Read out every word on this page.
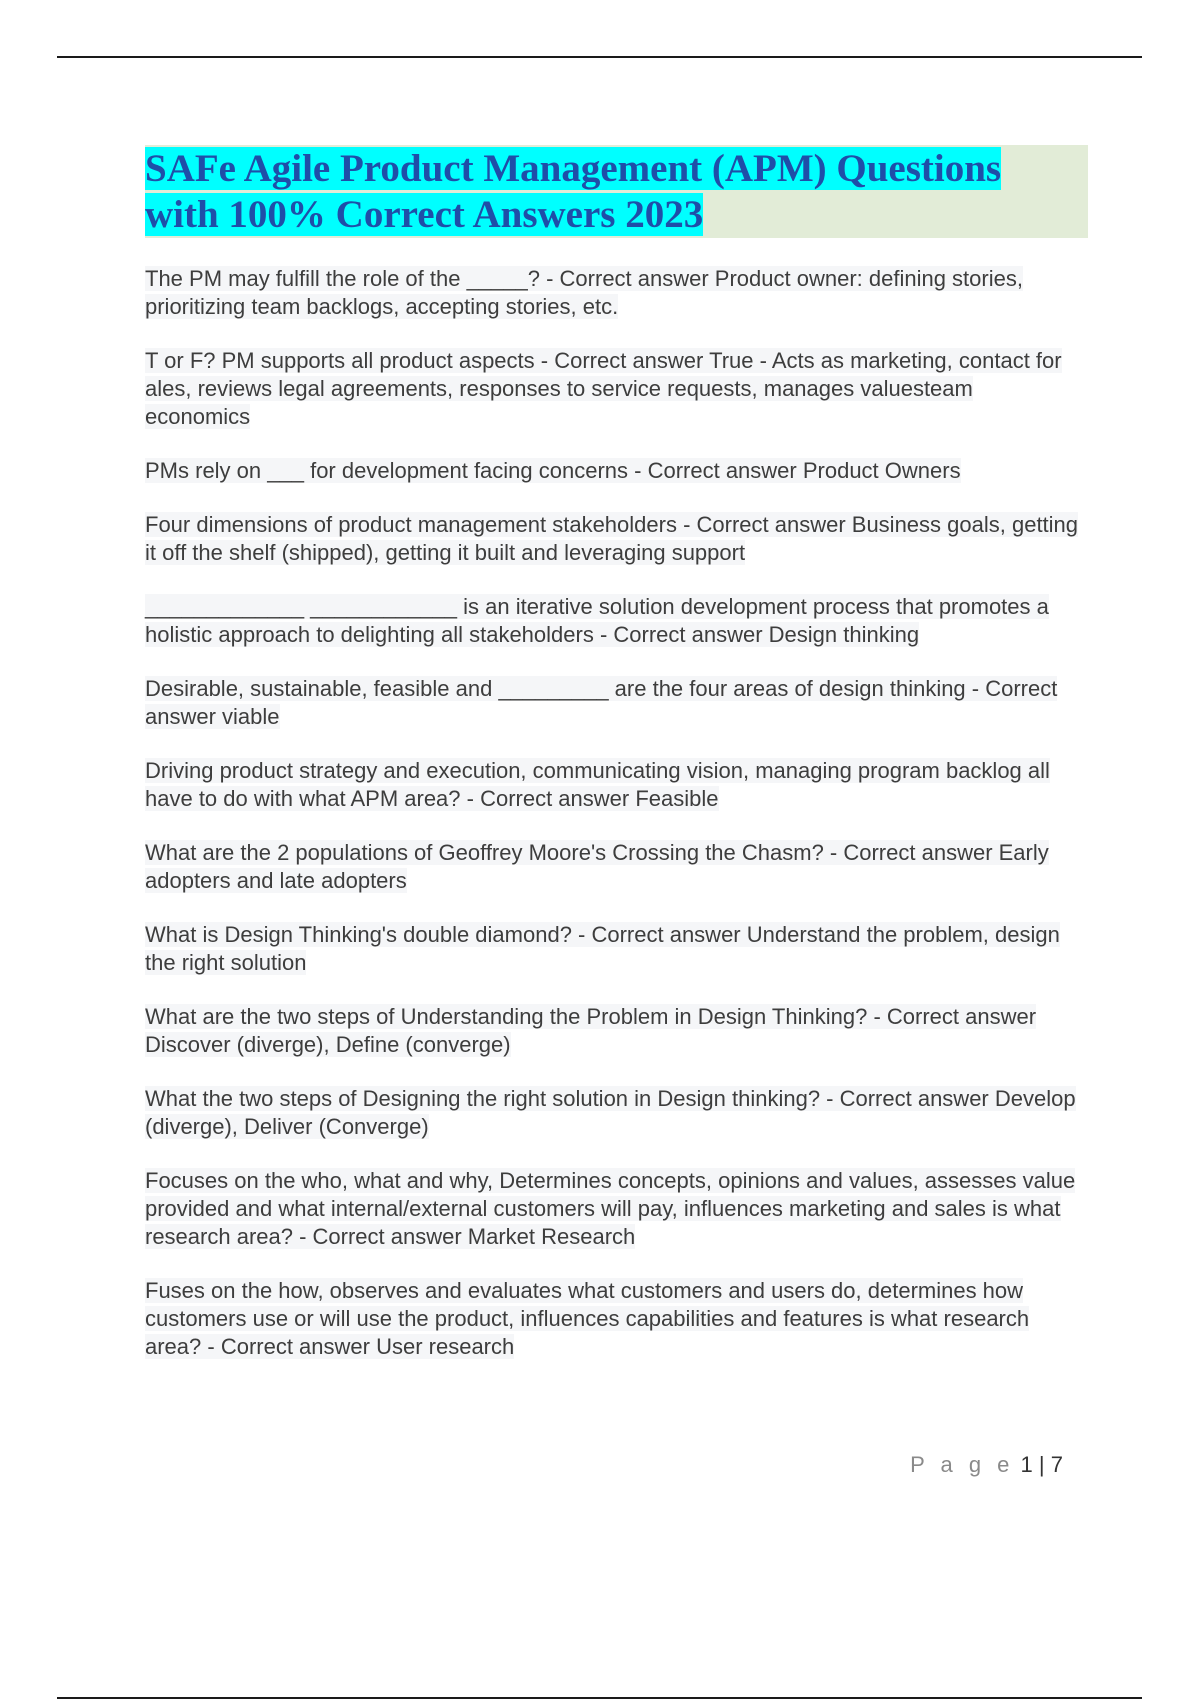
SAFe Agile Product Management (APM) Questions
with 100% Correct Answers 2023

The PM may fulfill the role of the _____? - Correct answer Product owner: defining stories, prioritizing team backlogs, accepting stories, etc.

T or F? PM supports all product aspects - Correct answer True - Acts as marketing, contact for ales, reviews legal agreements, responses to service requests, manages valuesteam economics

PMs rely on ___ for development facing concerns - Correct answer Product Owners

Four dimensions of product management stakeholders - Correct answer Business goals, getting it off the shelf (shipped), getting it built and leveraging support

_____________ ____________ is an iterative solution development process that promotes a holistic approach to delighting all stakeholders - Correct answer Design thinking

Desirable, sustainable, feasible and _________ are the four areas of design thinking - Correct answer viable

Driving product strategy and execution, communicating vision, managing program backlog all have to do with what APM area? - Correct answer Feasible

What are the 2 populations of Geoffrey Moore's Crossing the Chasm? - Correct answer Early adopters and late adopters

What is Design Thinking's double diamond? - Correct answer Understand the problem, design the right solution

What are the two steps of Understanding the Problem in Design Thinking? - Correct answer Discover (diverge), Define (converge)

What the two steps of Designing the right solution in Design thinking? - Correct answer Develop (diverge), Deliver (Converge)

Focuses on the who, what and why, Determines concepts, opinions and values, assesses value provided and what internal/external customers will pay, influences marketing and sales is what research area? - Correct answer Market Research

Fuses on the how, observes and evaluates what customers and users do, determines how customers use or will use the product, influences capabilities and features is what research area? - Correct answer User research

P a g e 1 | 7
